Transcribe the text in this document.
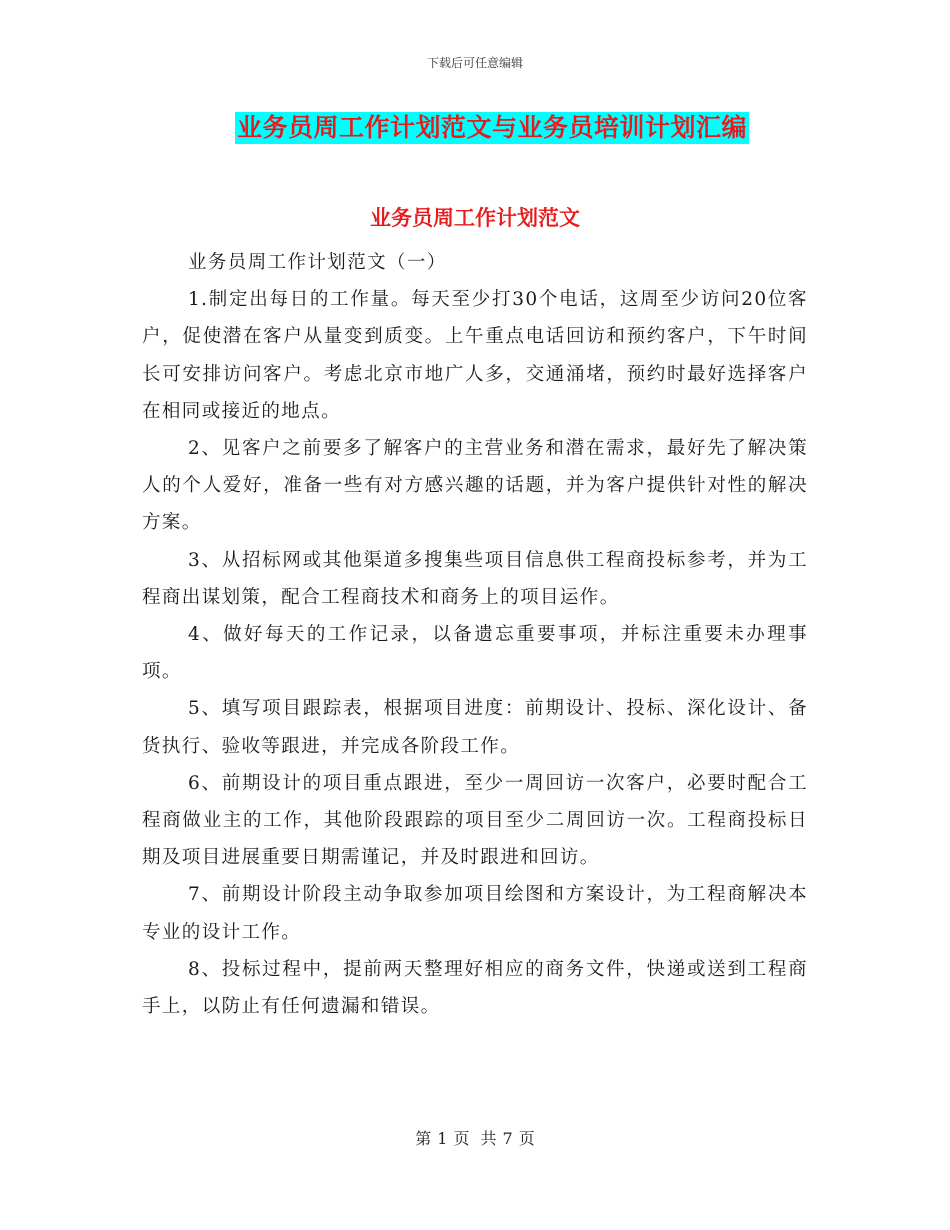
下载后可任意编辑
业务员周工作计划范文与业务员培训计划汇编
业务员周工作计划范文

业务员周工作计划范文（一）

1.制定出每日的工作量。每天至少打30个电话，这周至少访问20位客户，促使潜在客户从量变到质变。上午重点电话回访和预约客户，下午时间长可安排访问客户。考虑北京市地广人多，交通涌堵，预约时最好选择客户在相同或接近的地点。

2、见客户之前要多了解客户的主营业务和潜在需求，最好先了解决策人的个人爱好，准备一些有对方感兴趣的话题，并为客户提供针对性的解决方案。

3、从招标网或其他渠道多搜集些项目信息供工程商投标参考，并为工程商出谋划策，配合工程商技术和商务上的项目运作。

4、做好每天的工作记录，以备遗忘重要事项，并标注重要未办理事项。

5、填写项目跟踪表，根据项目进度：前期设计、投标、深化设计、备货执行、验收等跟进，并完成各阶段工作。

6、前期设计的项目重点跟进，至少一周回访一次客户，必要时配合工程商做业主的工作，其他阶段跟踪的项目至少二周回访一次。工程商投标日期及项目进展重要日期需谨记，并及时跟进和回访。

7、前期设计阶段主动争取参加项目绘图和方案设计，为工程商解决本专业的设计工作。

8、投标过程中，提前两天整理好相应的商务文件，快递或送到工程商手上，以防止有任何遗漏和错误。

第 1 页 共 7 页
